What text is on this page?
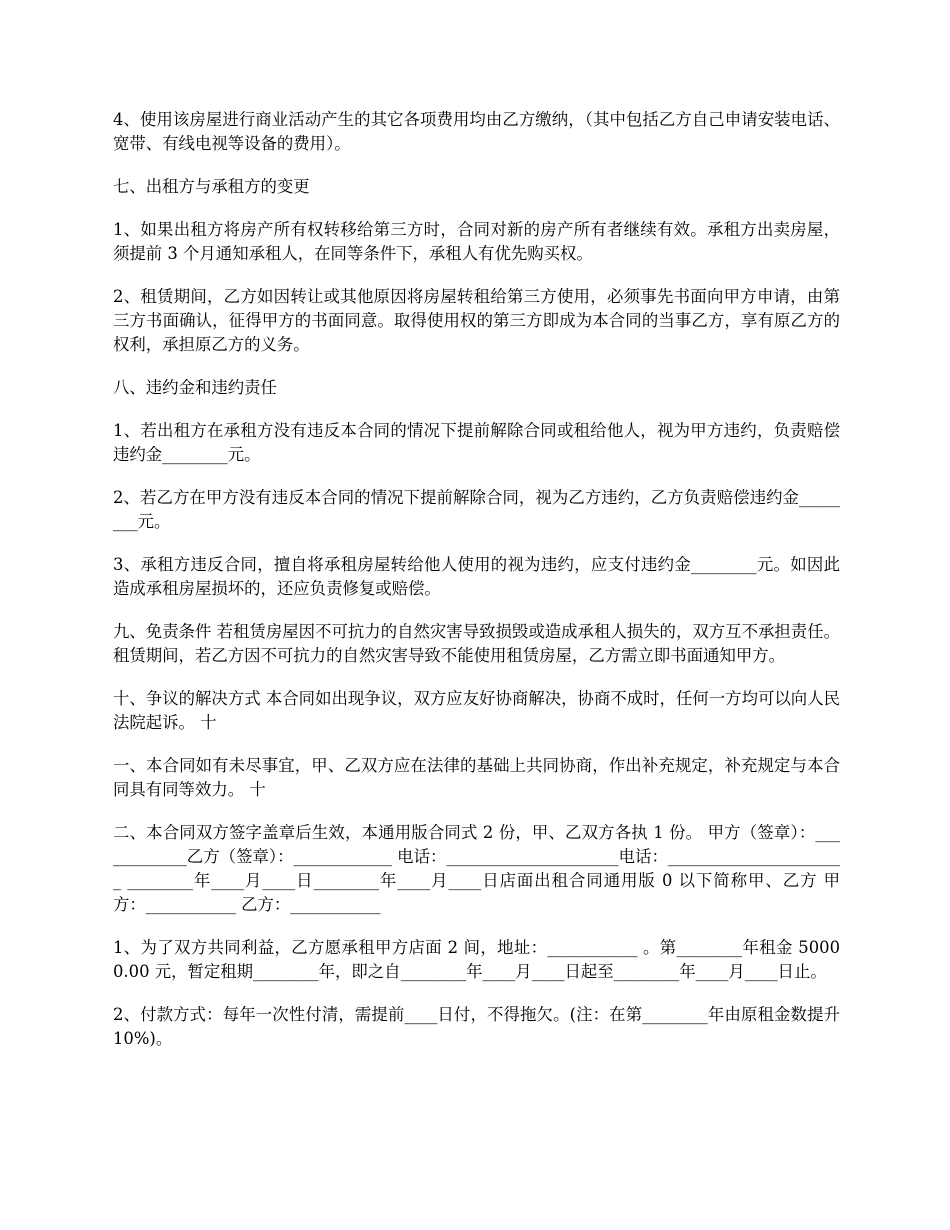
4、使用该房屋进行商业活动产生的其它各项费用均由乙方缴纳，（其中包括乙方自己申请安装电话、宽带、有线电视等设备的费用）。

七、出租方与承租方的变更

1、如果出租方将房产所有权转移给第三方时，合同对新的房产所有者继续有效。承租方出卖房屋，须提前 3 个月通知承租人，在同等条件下，承租人有优先购买权。

2、租赁期间，乙方如因转让或其他原因将房屋转租给第三方使用，必须事先书面向甲方申请，由第三方书面确认，征得甲方的书面同意。取得使用权的第三方即成为本合同的当事乙方，享有原乙方的权利，承担原乙方的义务。

八、违约金和违约责任

1、若出租方在承租方没有违反本合同的情况下提前解除合同或租给他人，视为甲方违约，负责赔偿违约金________元。

2、若乙方在甲方没有违反本合同的情况下提前解除合同，视为乙方违约，乙方负责赔偿违约金________元。

3、承租方违反合同，擅自将承租房屋转给他人使用的视为违约，应支付违约金________元。如因此造成承租房屋损坏的，还应负责修复或赔偿。

九、免责条件 若租赁房屋因不可抗力的自然灾害导致损毁或造成承租人损失的，双方互不承担责任。租赁期间，若乙方因不可抗力的自然灾害导致不能使用租赁房屋，乙方需立即书面通知甲方。

十、争议的解决方式 本合同如出现争议，双方应友好协商解决，协商不成时，任何一方均可以向人民法院起诉。 十

一、本合同如有未尽事宜，甲、乙双方应在法律的基础上共同协商，作出补充规定，补充规定与本合同具有同等效力。 十

二、本合同双方签字盖章后生效，本通用版合同式 2 份，甲、乙双方各执 1 份。 甲方（签章）：____________乙方（签章）：____________ 电话：_____________________电话：______________________ ________年____月____日________年____月____日店面出租合同通用版 0 以下简称甲、乙方 甲方：___________ 乙方：___________

1、为了双方共同利益，乙方愿承租甲方店面 2 间，地址：___________ 。第________年租金 50000.00 元，暂定租期________年，即之自________年____月____日起至________年____月____日止。

2、付款方式：每年一次性付清，需提前____日付，不得拖欠。(注：在第________年由原租金数提升 10%)。
